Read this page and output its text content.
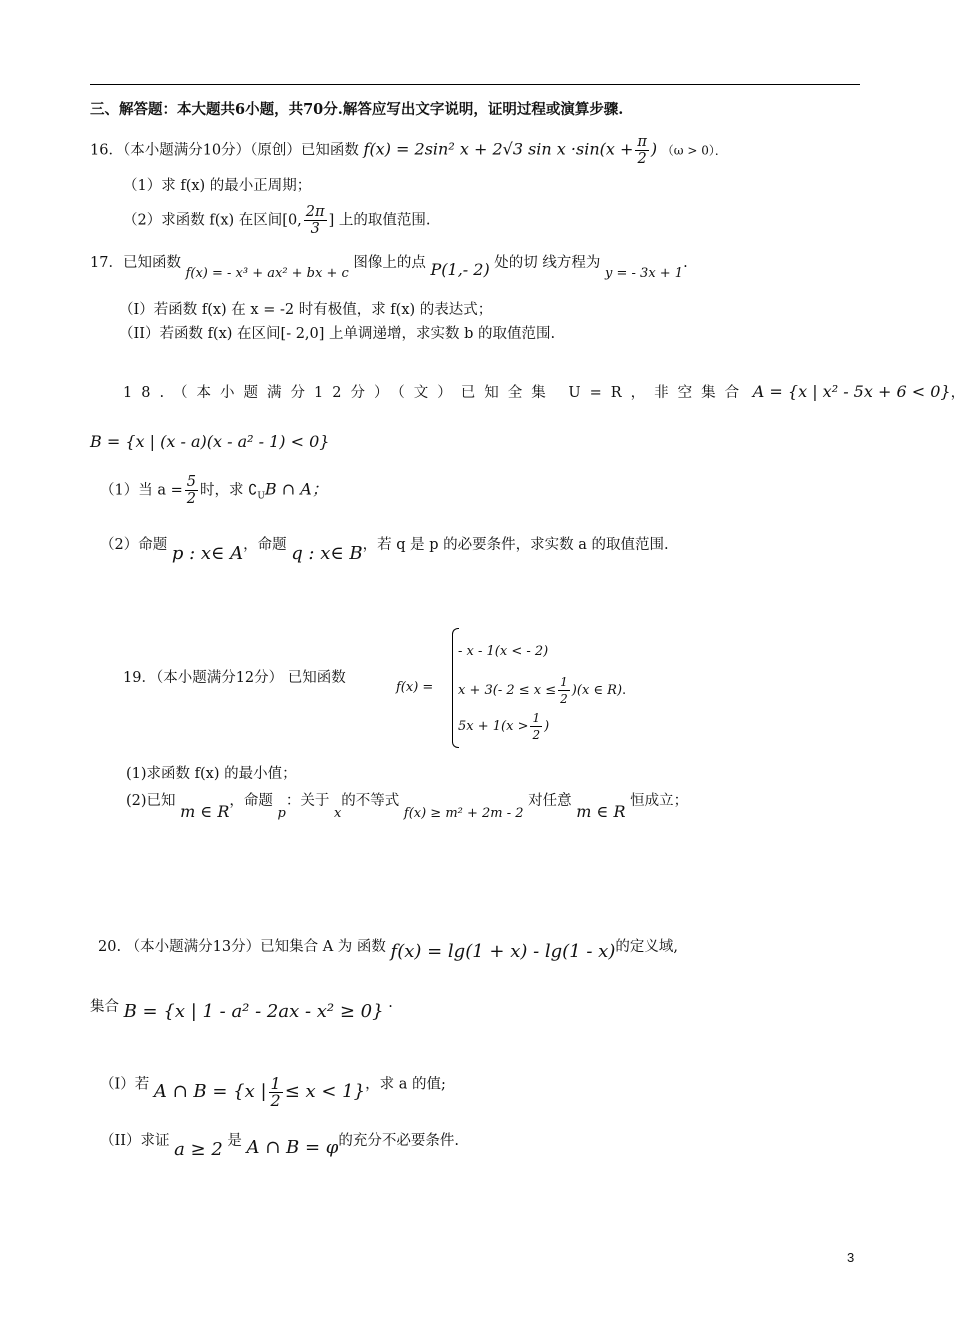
三、解答题：本大题共6小题，共70分.解答应写出文字说明，证明过程或演算步骤.
16．（本小题满分10分）（原创）已知函数 f(x) = 2sin² x + 2√3 $\sin x \cdot\sin(x + \frac{\pi}{2}$ ) （ω > 0）．
（1）求 f(x) 的最小正周期；
（2）求函数 f(x) 在区间[0, $\frac{2\pi}{3}$ ] 上的取值范围.
17．已知函数 f(x) = - x³ + ax² + bx + c 图像上的点 P(1,- 2) 处的切 线方程为 y = - 3x + 1.
（I）若函数 f(x) 在 x = -2 时有极值，求 f(x) 的表达式；
（II）若函数 f(x) 在区间[- 2,0] 上单调递增，求实数 b 的取值范围.
18.（本小题满分12分）（文）已知全集 U=R，非空集合 A = {x | x² - 5x + 6 < 0}，
B = {x | (x - a)(x - a² - 1) < 0}
（1）当 $a = \frac{5}{2}$ 时，求 $∁_UB$ ∩ A；
（2）命题 p : x∈ A，命题 q : x∈ B，若 q 是 p 的必要条件，求实数 a 的取值范围.
19．（本小题满分12分） 已知函数
f(x) =
- x - 1(x < - 2)
x + 3(- $2 \le x \le \frac{1}{2} )(x$ ∈ R).
$5x + 1(x > \frac{1}{2}$ )
(1)求函数 f(x) 的最小值；
(2)已知 m ∈ R，命题 p：关于 x的不等式 f(x) ≥ m² + 2m - 2 对任意 m ∈ R 恒成立；
20. （本小题满分13分）已知集合 A 为 函数 f(x) = lg(1 + x) - lg(1 - x)的定义域,
集合 B = {x | 1 - a² - 2ax - x² ≥ 0} ·
（I）若 A ∩ B = {x | $\frac{1}{2} \le x < 1$}，求 a 的值;
（II）求证 a ≥ 2 是 A ∩ B = φ的充分不必要条件.
3
